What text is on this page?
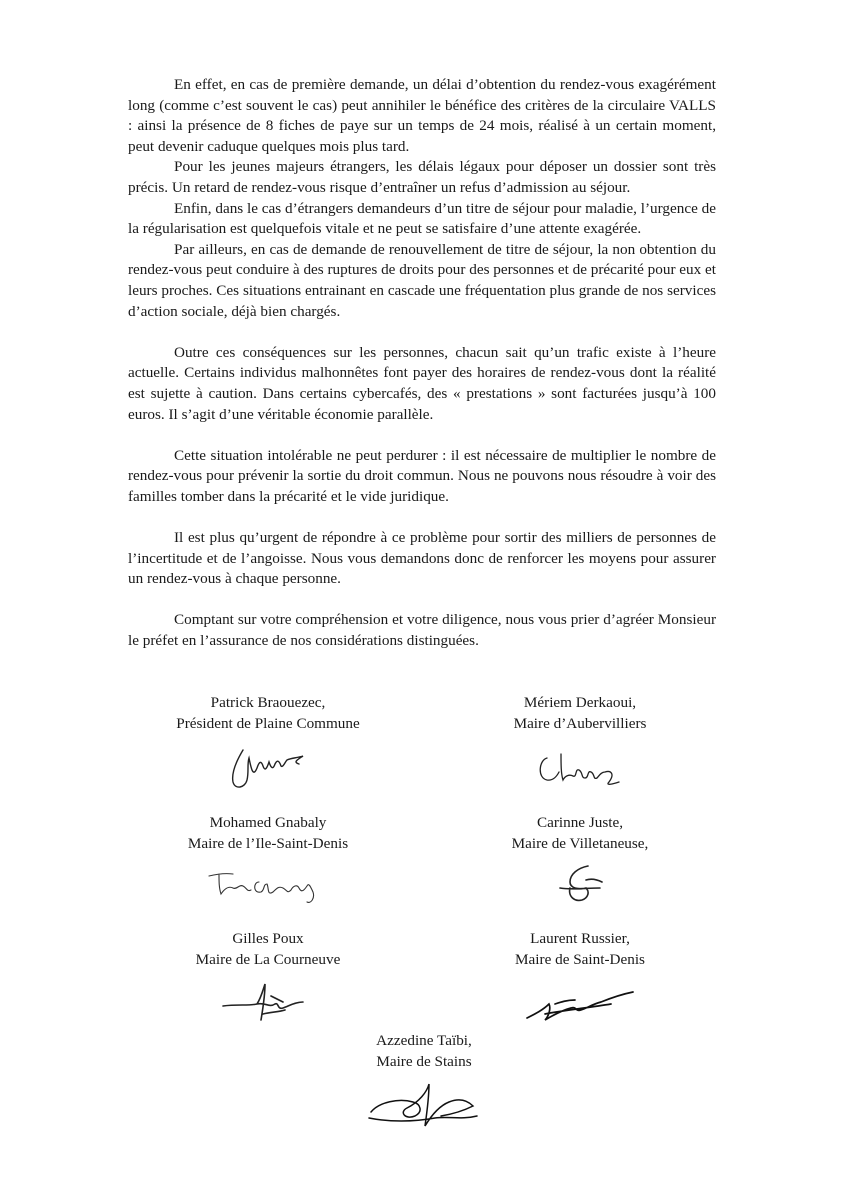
En effet, en cas de première demande, un délai d’obtention du rendez-vous exagérément long (comme c’est souvent le cas) peut annihiler le bénéfice des critères de la circulaire VALLS : ainsi la présence de 8 fiches de paye sur un temps de 24 mois, réalisé à un certain moment, peut devenir caduque quelques mois plus tard.

Pour les jeunes majeurs étrangers, les délais légaux pour déposer un dossier sont très précis. Un retard de rendez-vous risque d’entraîner un refus d’admission au séjour.

Enfin, dans le cas d’étrangers demandeurs d’un titre de séjour pour maladie, l’urgence de la régularisation est quelquefois vitale et ne peut se satisfaire d’une attente exagérée.

Par ailleurs, en cas de demande de renouvellement de titre de séjour, la non obtention du rendez-vous peut conduire à des ruptures de droits pour des personnes et de précarité pour eux et leurs proches. Ces situations entrainant en cascade une fréquentation plus grande de nos services d’action sociale, déjà bien chargés.

Outre ces conséquences sur les personnes, chacun sait qu’un trafic existe à l’heure actuelle. Certains individus malhonnêtes font payer des horaires de rendez-vous dont la réalité est sujette à caution. Dans certains cybercafés, des « prestations » sont facturées jusqu’à 100 euros. Il s’agit d’une véritable économie parallèle.

Cette situation intolérable ne peut perdurer : il est nécessaire de multiplier le nombre de rendez-vous pour prévenir la sortie du droit commun. Nous ne pouvons nous résoudre à voir des familles tomber dans la précarité et le vide juridique.

Il est plus qu’urgent de répondre à ce problème pour sortir des milliers de personnes de l’incertitude et de l’angoisse. Nous vous demandons donc de renforcer les moyens pour assurer un rendez-vous à chaque personne.

Comptant sur votre compréhension et votre diligence, nous vous prier d’agréer Monsieur le préfet en l’assurance de nos considérations distinguées.

Patrick Braouezec,
Président de Plaine Commune
Mériem Derkaoui,
Maire d’Aubervilliers
Mohamed Gnabaly
Maire de l’Ile-Saint-Denis
Carinne Juste,
Maire de Villetaneuse,
Gilles Poux
Maire de La Courneuve
Laurent Russier,
Maire de Saint-Denis
Azzedine Taïbi,
Maire de Stains
